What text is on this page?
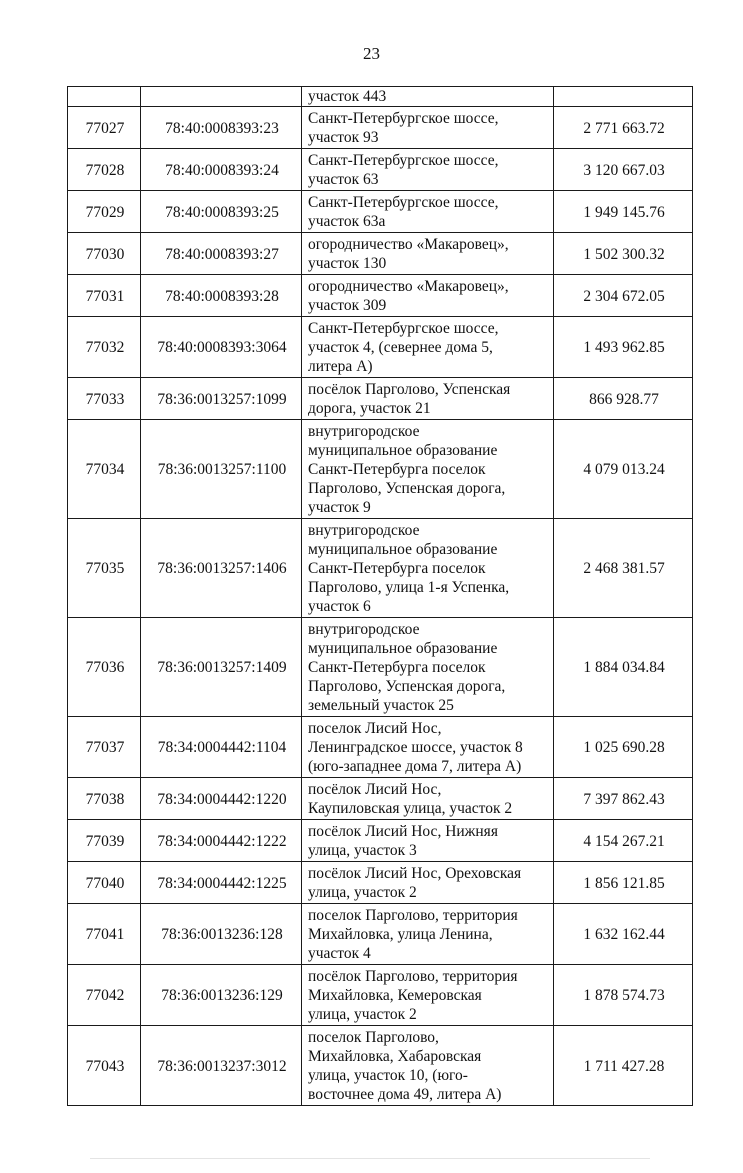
23
		участок 443	
77027	78:40:0008393:23	Санкт-Петербургское шоссе,
участок 93	2 771 663.72
77028	78:40:0008393:24	Санкт-Петербургское шоссе,
участок 63	3 120 667.03
77029	78:40:0008393:25	Санкт-Петербургское шоссе,
участок 63а	1 949 145.76
77030	78:40:0008393:27	огородничество «Макаровец»,
участок 130	1 502 300.32
77031	78:40:0008393:28	огородничество «Макаровец»,
участок 309	2 304 672.05
77032	78:40:0008393:3064	Санкт-Петербургское шоссе,
участок 4, (севернее дома 5,
литера А)	1 493 962.85
77033	78:36:0013257:1099	посёлок Парголово, Успенская
дорога, участок 21	866 928.77
77034	78:36:0013257:1100	внутригородское
муниципальное образование
Санкт-Петербурга поселок
Парголово, Успенская дорога,
участок 9	4 079 013.24
77035	78:36:0013257:1406	внутригородское
муниципальное образование
Санкт-Петербурга поселок
Парголово, улица 1-я Успенка,
участок 6	2 468 381.57
77036	78:36:0013257:1409	внутригородское
муниципальное образование
Санкт-Петербурга поселок
Парголово, Успенская дорога,
земельный участок 25	1 884 034.84
77037	78:34:0004442:1104	поселок Лисий Нос,
Ленинградское шоссе, участок 8
(юго-западнее дома 7, литера А)	1 025 690.28
77038	78:34:0004442:1220	посёлок Лисий Нос,
Каупиловская улица, участок 2	7 397 862.43
77039	78:34:0004442:1222	посёлок Лисий Нос, Нижняя
улица, участок 3	4 154 267.21
77040	78:34:0004442:1225	посёлок Лисий Нос, Ореховская
улица, участок 2	1 856 121.85
77041	78:36:0013236:128	поселок Парголово, территория
Михайловка, улица Ленина,
участок 4	1 632 162.44
77042	78:36:0013236:129	посёлок Парголово, территория
Михайловка, Кемеровская
улица, участок 2	1 878 574.73
77043	78:36:0013237:3012	поселок Парголово,
Михайловка, Хабаровская
улица, участок 10, (юго-
восточнее дома 49, литера А)	1 711 427.28
